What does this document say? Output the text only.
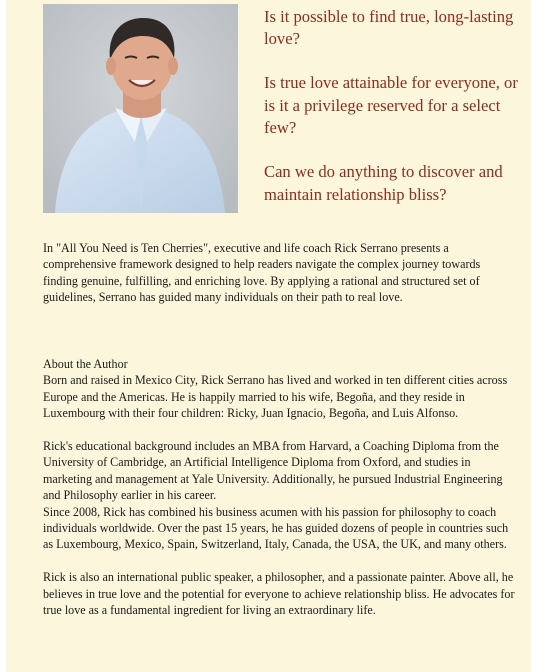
Is it possible to find true, long-lasting love?

Is true love attainable for everyone, or is it a privilege reserved for a select few?

Can we do anything to discover and maintain relationship bliss?

In "All You Need is Ten Cherries", executive and life coach Rick Serrano presents a comprehensive framework designed to help readers navigate the complex journey towards finding genuine, fulfilling, and enriching love. By applying a rational and structured set of guidelines, Serrano has guided many individuals on their path to real love.

About the Author

Born and raised in Mexico City, Rick Serrano has lived and worked in ten different cities across Europe and the Americas. He is happily married to his wife, Begoña, and they reside in Luxembourg with their four children: Ricky, Juan Ignacio, Begoña, and Luis Alfonso.

Rick's educational background includes an MBA from Harvard, a Coaching Diploma from the University of Cambridge, an Artificial Intelligence Diploma from Oxford, and studies in marketing and management at Yale University. Additionally, he pursued Industrial Engineering and Philosophy earlier in his career.

Since 2008, Rick has combined his business acumen with his passion for philosophy to coach individuals worldwide. Over the past 15 years, he has guided dozens of people in countries such as Luxembourg, Mexico, Spain, Switzerland, Italy, Canada, the USA, the UK, and many others.

Rick is also an international public speaker, a philosopher, and a passionate painter. Above all, he believes in true love and the potential for everyone to achieve relationship bliss. He advocates for true love as a fundamental ingredient for living an extraordinary life.
